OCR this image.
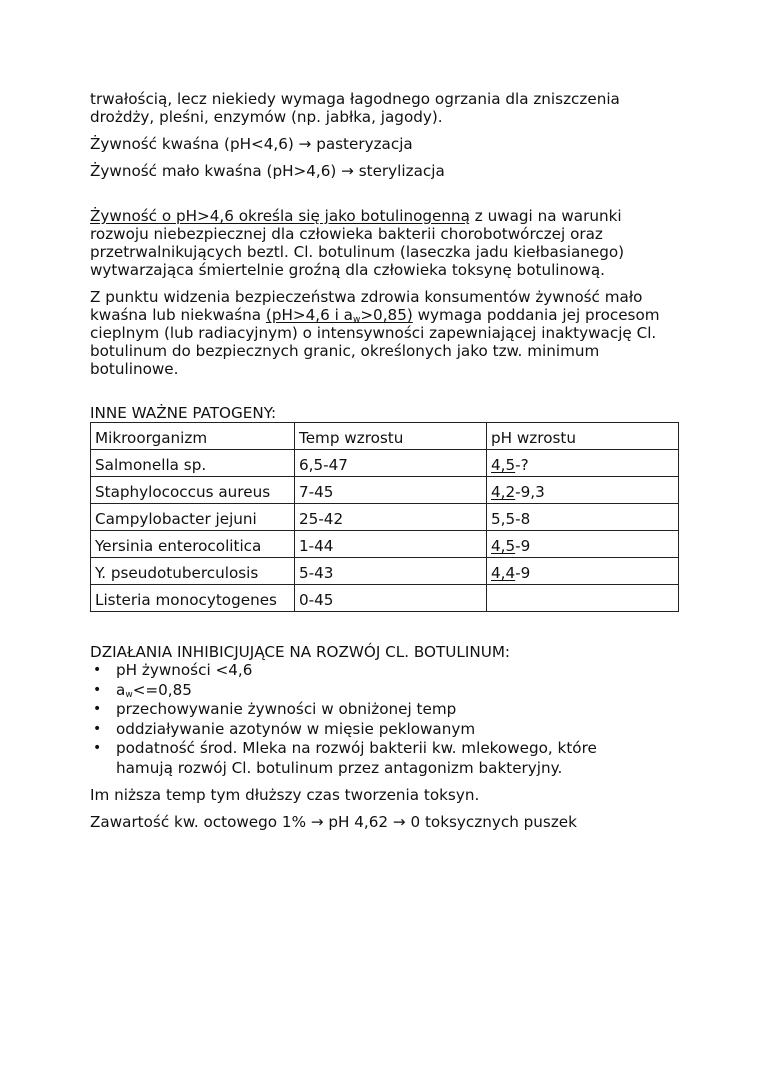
trwałością, lecz niekiedy wymaga łagodnego ogrzania dla zniszczenia
drożdży, pleśni, enzymów (np. jabłka, jagody).

Żywność kwaśna (pH<4,6) → pasteryzacja

Żywność mało kwaśna (pH>4,6) → sterylizacja

Żywność o pH>4,6 określa się jako botulinogenną z uwagi na warunki
rozwoju niebezpiecznej dla człowieka bakterii chorobotwórczej oraz
przetrwalnikujących beztl. Cl. botulinum (laseczka jadu kiełbasianego)
wytwarzająca śmiertelnie groźną dla człowieka toksynę botulinową.

Z punktu widzenia bezpieczeństwa zdrowia konsumentów żywność mało
kwaśna lub niekwaśna (pH>4,6 i $a_w>0,85$) wymaga poddania jej procesom
cieplnym (lub radiacyjnym) o intensywności zapewniającej inaktywację Cl.
botulinum do bezpiecznych granic, określonych jako tzw. minimum
botulinowe.

INNE WAŻNE PATOGENY:

Mikroorganizm	Temp wzrostu	pH wzrostu
Salmonella sp.	6,5-47	4,5-?
Staphylococcus aureus	7-45	4,2-9,3
Campylobacter jejuni	25-42	5,5-8
Yersinia enterocolitica	1-44	4,5-9
Y. pseudotuberculosis	5-43	4,4-9
Listeria monocytogenes	0-45	

DZIAŁANIA INHIBICJUJĄCE NA ROZWÓJ CL. BOTULINUM:

• pH żywności <4,6
• $a_w<=0,85$
• przechowywanie żywności w obniżonej temp
• oddziaływanie azotynów w mięsie peklowanym
• podatność środ. Mleka na rozwój bakterii kw. mlekowego, które
hamują rozwój Cl. botulinum przez antagonizm bakteryjny.

Im niższa temp tym dłuższy czas tworzenia toksyn.

Zawartość kw. octowego 1% → pH 4,62 → 0 toksycznych puszek
